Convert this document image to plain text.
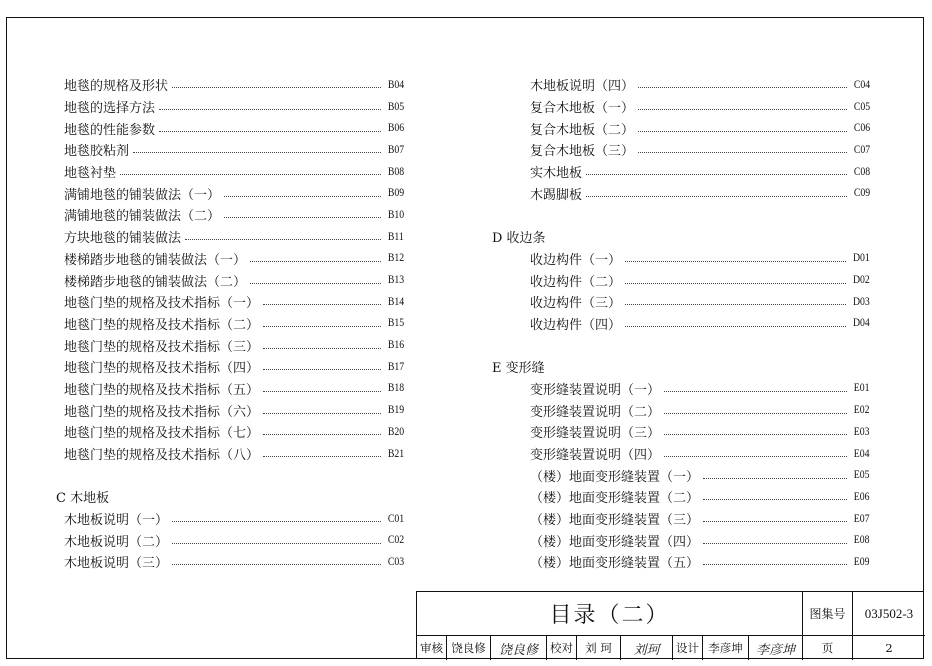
地毯的规格及形状	B04
地毯的选择方法	B05
地毯的性能参数	B06
地毯胶粘剂	B07
地毯衬垫	B08
满铺地毯的铺装做法（一）	B09
满铺地毯的铺装做法（二）	B10
方块地毯的铺装做法	B11
楼梯踏步地毯的铺装做法（一）	B12
楼梯踏步地毯的铺装做法（二）	B13
地毯门垫的规格及技术指标（一）	B14
地毯门垫的规格及技术指标（二）	B15
地毯门垫的规格及技术指标（三）	B16
地毯门垫的规格及技术指标（四）	B17
地毯门垫的规格及技术指标（五）	B18
地毯门垫的规格及技术指标（六）	B19
地毯门垫的规格及技术指标（七）	B20
地毯门垫的规格及技术指标（八）	B21
C 木地板
木地板说明（一）	C01
木地板说明（二）	C02
木地板说明（三）	C03
木地板说明（四）	C04
复合木地板（一）	C05
复合木地板（二）	C06
复合木地板（三）	C07
实木地板	C08
木踢脚板	C09
D 收边条
收边构件（一）	D01
收边构件（二）	D02
收边构件（三）	D03
收边构件（四）	D04
E 变形缝
变形缝装置说明（一）	E01
变形缝装置说明（二）	E02
变形缝装置说明（三）	E03
变形缝装置说明（四）	E04
（楼）地面变形缝装置（一）	E05
（楼）地面变形缝装置（二）	E06
（楼）地面变形缝装置（三）	E07
（楼）地面变形缝装置（四）	E08
（楼）地面变形缝装置（五）	E09
目录（二）	图集号	03J502-3
审核 饶良修	饶良修	校对	刘 珂	刘珂	设计 李彦坤	李彦坤	页	2
